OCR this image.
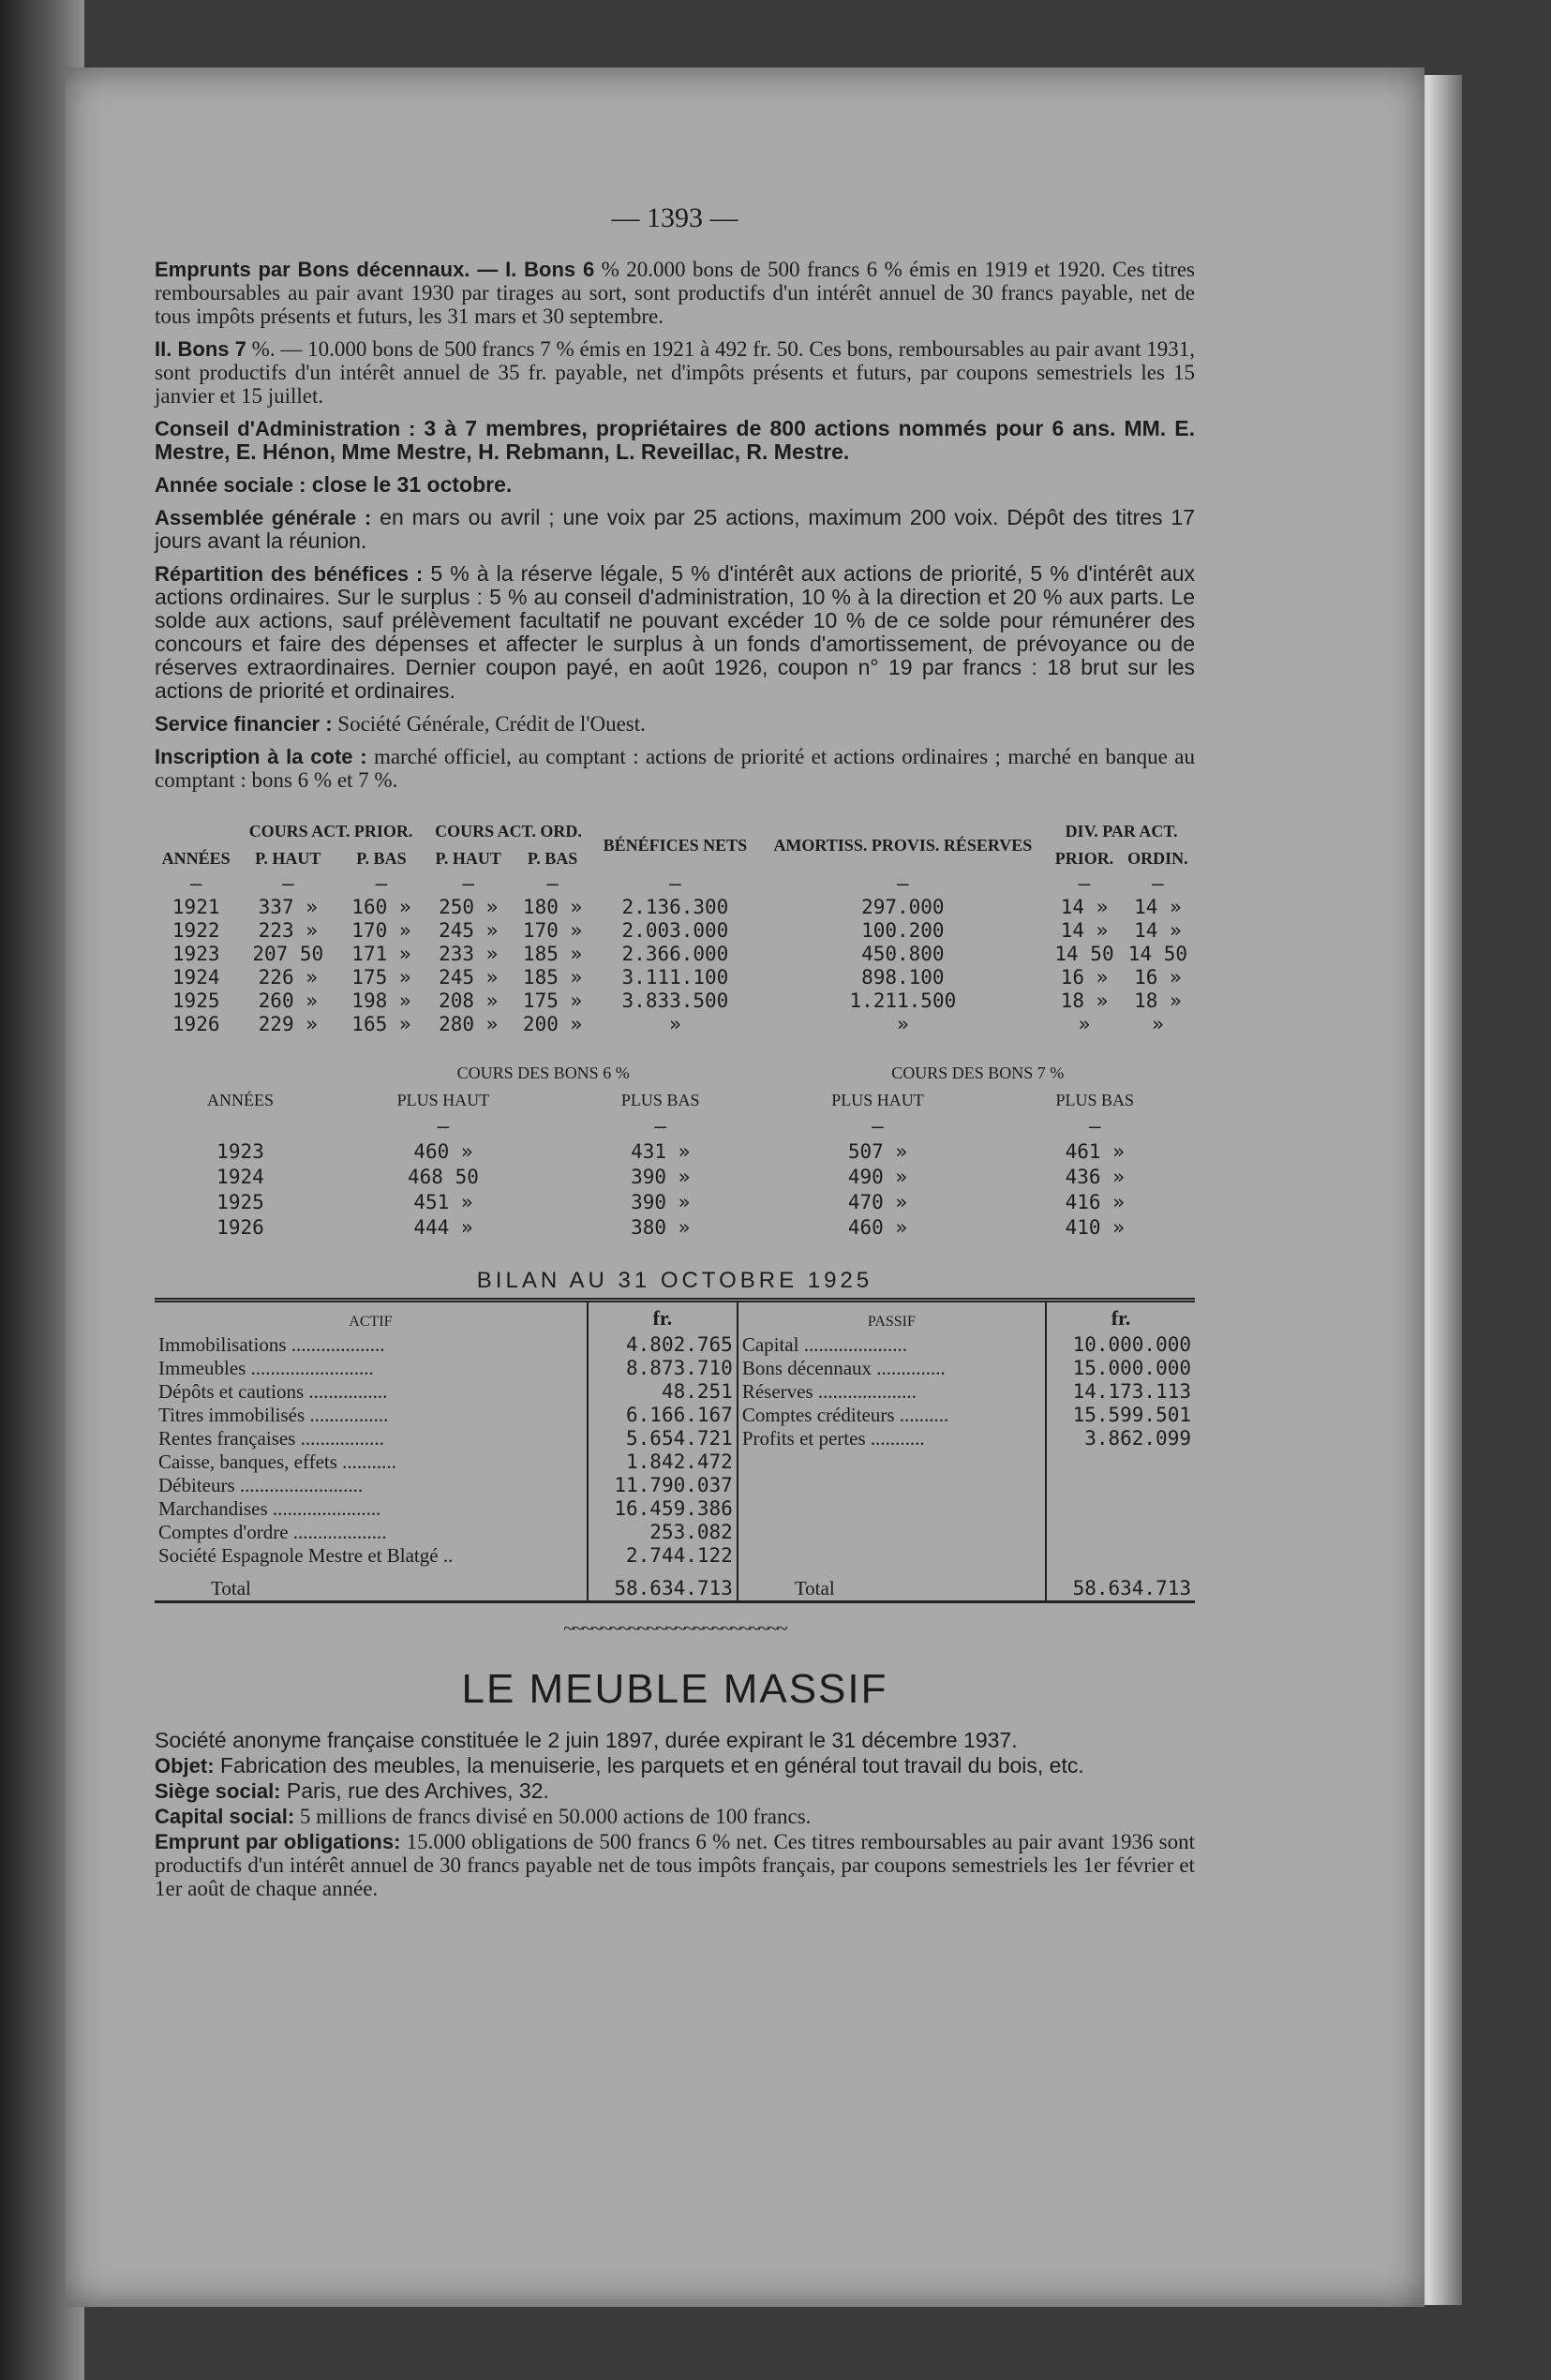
— 1393 —

Emprunts par Bons décennaux. — I. Bons 6 % 20.000 bons de 500 francs 6 % émis en 1919 et 1920. Ces titres remboursables au pair avant 1930 par tirages au sort, sont productifs d'un intérêt annuel de 30 francs payable, net de tous impôts présents et futurs, les 31 mars et 30 septembre.

II. Bons 7 %. — 10.000 bons de 500 francs 7 % émis en 1921 à 492 fr. 50. Ces bons, remboursables au pair avant 1931, sont productifs d'un intérêt annuel de 35 fr. payable, net d'impôts présents et futurs, par coupons semestriels les 15 janvier et 15 juillet.

Conseil d'Administration : 3 à 7 membres, propriétaires de 800 actions nommés pour 6 ans. MM. E. Mestre, E. Hénon, Mme Mestre, H. Rebmann, L. Reveillac, R. Mestre.

Année sociale : close le 31 octobre.

Assemblée générale : en mars ou avril ; une voix par 25 actions, maximum 200 voix. Dépôt des titres 17 jours avant la réunion.

Répartition des bénéfices : 5 % à la réserve légale, 5 % d'intérêt aux actions de priorité, 5 % d'intérêt aux actions ordinaires. Sur le surplus : 5 % au conseil d'administration, 10 % à la direction et 20 % aux parts. Le solde aux actions, sauf prélèvement facultatif ne pouvant excéder 10 % de ce solde pour rémunérer des concours et faire des dépenses et affecter le surplus à un fonds d'amortissement, de prévoyance ou de réserves extraordinaires. Dernier coupon payé, en août 1926, coupon n° 19 par francs : 18 brut sur les actions de priorité et ordinaires.

Service financier : Société Générale, Crédit de l'Ouest.

Inscription à la cote : marché officiel, au comptant : actions de priorité et actions ordinaires ; marché en banque au comptant : bons 6 % et 7 %.

	COURS ACT. PRIOR.		COURS ACT. ORD.		BÉNÉFICES NETS	AMORTISS. PROVIS. RÉSERVES	DIV. PAR ACT.	
ANNÉES	P. HAUT	P. BAS	P. HAUT	P. BAS			PRIOR.	ORDIN.
—	—	—	—	—	—	—	—	—
1921	337 »	160 »	250 »	180 »	2.136.300	297.000	14 »	14 »
1922	223 »	170 »	245 »	170 »	2.003.000	100.200	14 »	14 »
1923	207 50	171 »	233 »	185 »	2.366.000	450.800	14 50	14 50
1924	226 »	175 »	245 »	185 »	3.111.100	898.100	16 »	16 »
1925	260 »	198 »	208 »	175 »	3.833.500	1.211.500	18 »	18 »
1926	229 »	165 »	280 »	200 »	»	»	»	»
	COURS DES BONS 6 %		COURS DES BONS 7 %	
ANNÉES	PLUS HAUT	PLUS BAS	PLUS HAUT	PLUS BAS
	—	—	—	—
1923	460 »	431 »	507 »	461 »
1924	468 50	390 »	490 »	436 »
1925	451 »	390 »	470 »	416 »
1926	444 »	380 »	460 »	410 »
BILAN AU 31 OCTOBRE 1925
ACTIF	fr.	PASSIF	fr.
Immobilisations ...................	4.802.765	Capital .....................	10.000.000
Immeubles .........................	8.873.710	Bons décennaux ..............	15.000.000
Dépôts et cautions ................	48.251	Réserves ....................	14.173.113
Titres immobilisés ................	6.166.167	Comptes créditeurs ..........	15.599.501
Rentes françaises .................	5.654.721	Profits et pertes ...........	3.862.099
Caisse, banques, effets ...........	1.842.472		
Débiteurs .........................	11.790.037		
Marchandises ......................	16.459.386		
Comptes d'ordre ...................	253.082		
Société Espagnole Mestre et Blatgé ..	2.744.122		
Total	58.634.713	Total	58.634.713
~~~~~~~~~~~~~~~~~~~~~~~~
LE MEUBLE MASSIF

Société anonyme française constituée le 2 juin 1897, durée expirant le 31 décembre 1937.

Objet: Fabrication des meubles, la menuiserie, les parquets et en général tout travail du bois, etc.

Siège social: Paris, rue des Archives, 32.

Capital social: 5 millions de francs divisé en 50.000 actions de 100 francs.

Emprunt par obligations: 15.000 obligations de 500 francs 6 % net. Ces titres remboursables au pair avant 1936 sont productifs d'un intérêt annuel de 30 francs payable net de tous impôts français, par coupons semestriels les 1er février et 1er août de chaque année.
